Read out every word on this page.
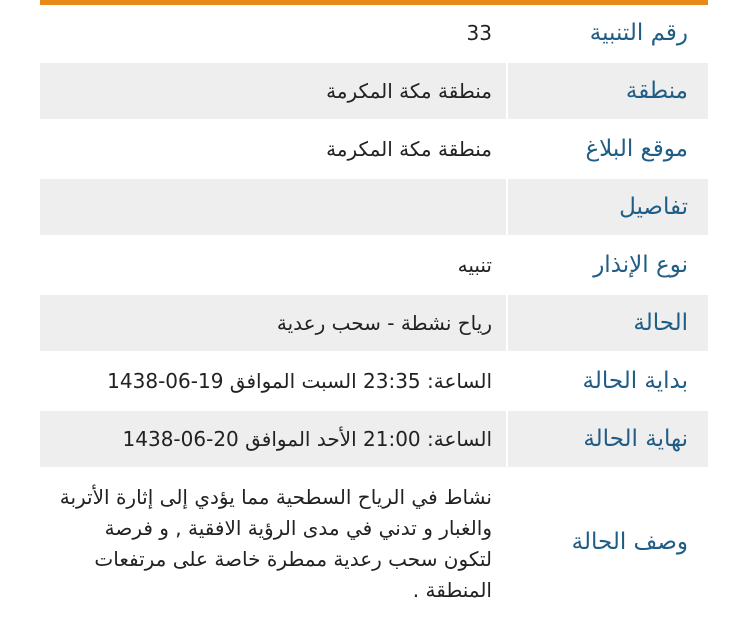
رقم التنبية	33
منطقة	منطقة مكة المكرمة
موقع البلاغ	منطقة مكة المكرمة
تفاصيل	
نوع الإنذار	تنبيه
الحالة	رياح نشطة - سحب رعدية
بداية الحالة	الساعة: 23:35 السبت الموافق 19-06-1438
نهاية الحالة	الساعة: 21:00 الأحد الموافق 20-06-1438
وصف الحالة	نشاط في الرياح السطحية مما يؤدي إلى إثارة الأتربة والغبار و تدني في مدى الرؤية الافقية , و فرصة لتكون سحب رعدية ممطرة خاصة على مرتفعات المنطقة .
